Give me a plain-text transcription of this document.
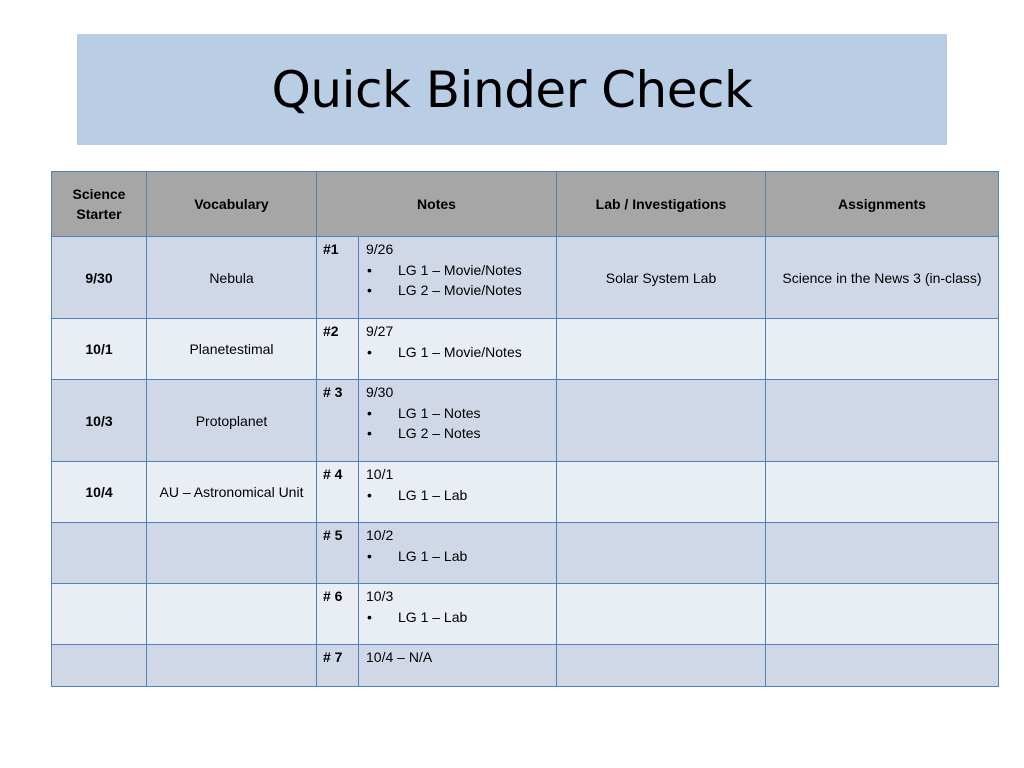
Quick Binder Check
Science Starter	Vocabulary	Notes		Lab / Investigations	Assignments
9/30	Nebula	#1	9/26
• LG 1 – Movie/Notes
• LG 2 – Movie/Notes	Solar System Lab	Science in the News 3 (in-class)
10/1	Planetestimal	#2	9/27
• LG 1 – Movie/Notes		

10/3	Protoplanet	# 3	9/30
• LG 1 – Notes
• LG 2 – Notes		

10/4	AU – Astronomical Unit	# 4	10/1
• LG 1 – Lab		

		# 5	10/2
• LG 1 – Lab		

		# 6	10/3
• LG 1 – Lab		

		# 7	10/4 – N/A		
